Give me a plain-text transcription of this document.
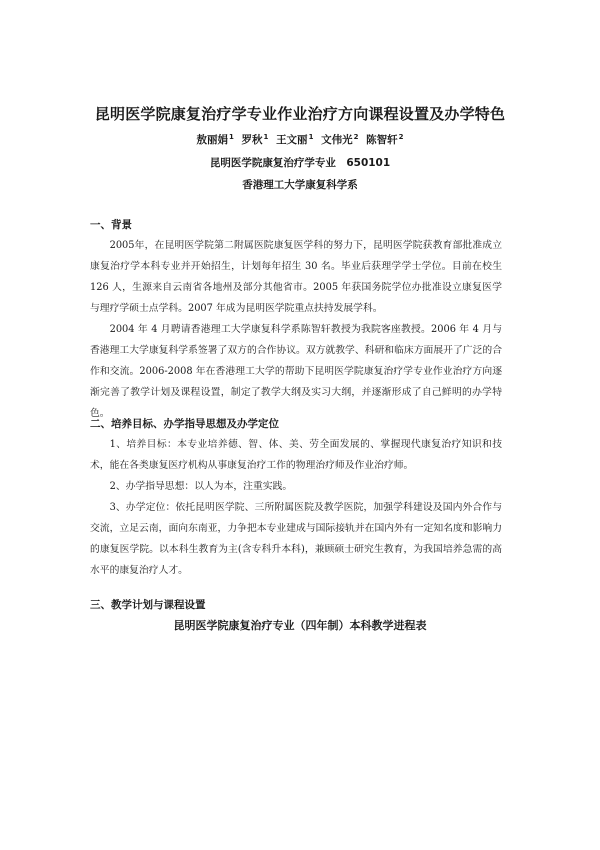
昆明医学院康复治疗学专业作业治疗方向课程设置及办学特色
敖丽娟$^1$ 罗秋$^1$ 王文丽$^1$ 文伟光$^2$ 陈智轩$^2$
昆明医学院康复治疗学专业　650101
香港理工大学康复科学系
一、背景

2005年，在昆明医学院第二附属医院康复医学科的努力下，昆明医学院获教育部批准成立康复治疗学本科专业并开始招生，计划每年招生 30 名。毕业后获理学学士学位。目前在校生 126 人，生源来自云南省各地州及部分其他省市。2005 年获国务院学位办批准设立康复医学与理疗学硕士点学科。2007 年成为昆明医学院重点扶持发展学科。

2004 年 4 月聘请香港理工大学康复科学系陈智轩教授为我院客座教授。2006 年 4 月与香港理工大学康复科学系签署了双方的合作协议。双方就教学、科研和临床方面展开了广泛的合作和交流。2006-2008 年在香港理工大学的帮助下昆明医学院康复治疗学专业作业治疗方向逐渐完善了教学计划及课程设置，制定了教学大纲及实习大纲，并逐渐形成了自己鲜明的办学特色。

二、培养目标、办学指导思想及办学定位

1、培养目标：本专业培养德、智、体、美、劳全面发展的、掌握现代康复治疗知识和技术，能在各类康复医疗机构从事康复治疗工作的物理治疗师及作业治疗师。

2、办学指导思想：以人为本，注重实践。

3、办学定位：依托昆明医学院、三所附属医院及教学医院，加强学科建设及国内外合作与交流，立足云南，面向东南亚，力争把本专业建成与国际接轨并在国内外有一定知名度和影响力的康复医学院。以本科生教育为主(含专科升本科)，兼顾硕士研究生教育，为我国培养急需的高水平的康复治疗人才。

三、教学计划与课程设置
昆明医学院康复治疗专业（四年制）本科教学进程表
